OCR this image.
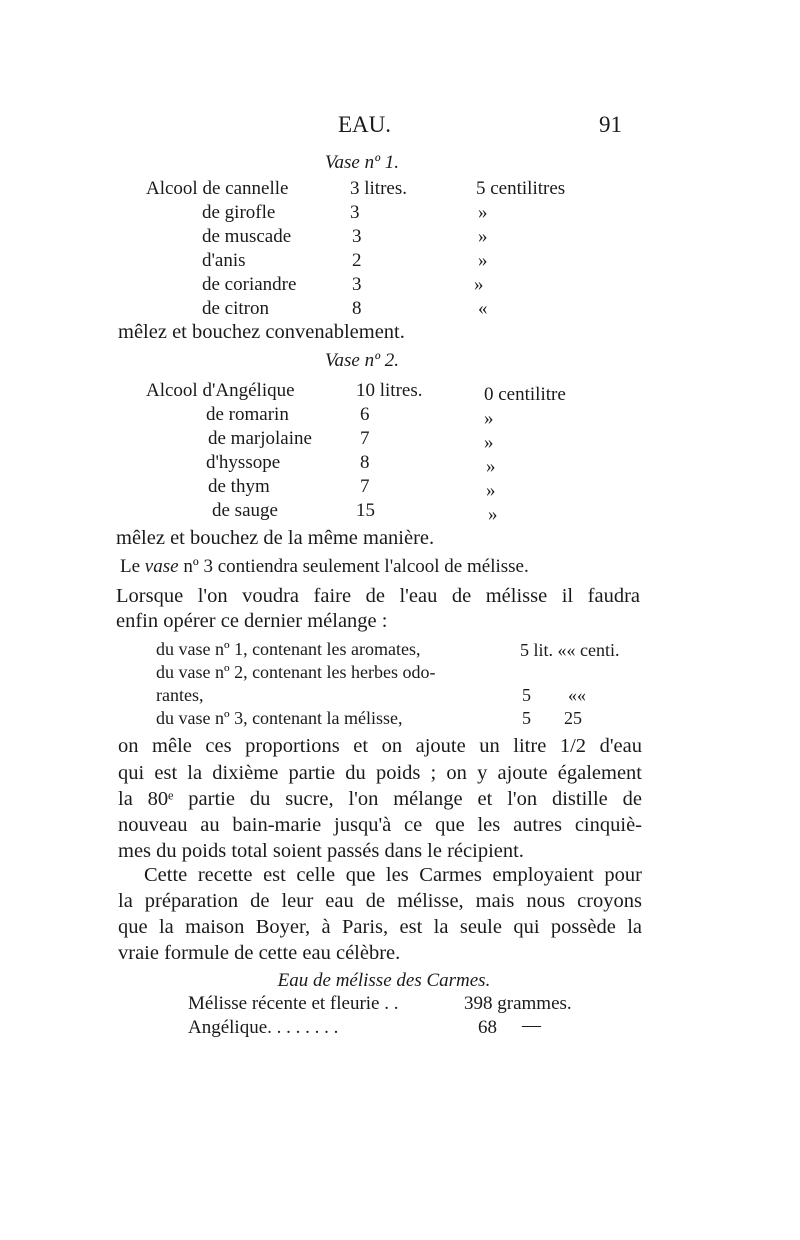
EAU.	91
Vase nº 1.
Alcool de cannelle	3 litres.	5 centilitres
de girofle	3	»
de muscade	3	»
d'anis	2	»
de coriandre	3	»
de citron	8	«
mêlez et bouchez convenablement.
Vase nº 2.
Alcool d'Angélique	10 litres.	0 centilitre
de romarin	6	»
de marjolaine	7	»
d'hyssope	8	»
de thym	7	»
de sauge	15	»
mêlez et bouchez de la même manière.
Le vase nº 3 contiendra seulement l'alcool de mélisse.
Lorsque l'on voudra faire de l'eau de mélisse il faudra
enfin opérer ce dernier mélange :
du vase nº 1, contenant les aromates,	5 lit. «« centi.
du vase nº 2, contenant les herbes odo-
rantes,	5 ««
du vase nº 3, contenant la mélisse,	5 25
on mêle ces proportions et on ajoute un litre 1/2 d'eau
qui est la dixième partie du poids ; on y ajoute également
la 80ᵉ partie du sucre, l'on mélange et l'on distille de
nouveau au bain-marie jusqu'à ce que les autres cinquiè-
mes du poids total soient passés dans le récipient.
Cette recette est celle que les Carmes employaient pour
la préparation de leur eau de mélisse, mais nous croyons
que la maison Boyer, à Paris, est la seule qui possède la
vraie formule de cette eau célèbre.
Eau de mélisse des Carmes.
Mélisse récente et fleurie . .	398 grammes.
Angélique. . . . . . . .	68 —
